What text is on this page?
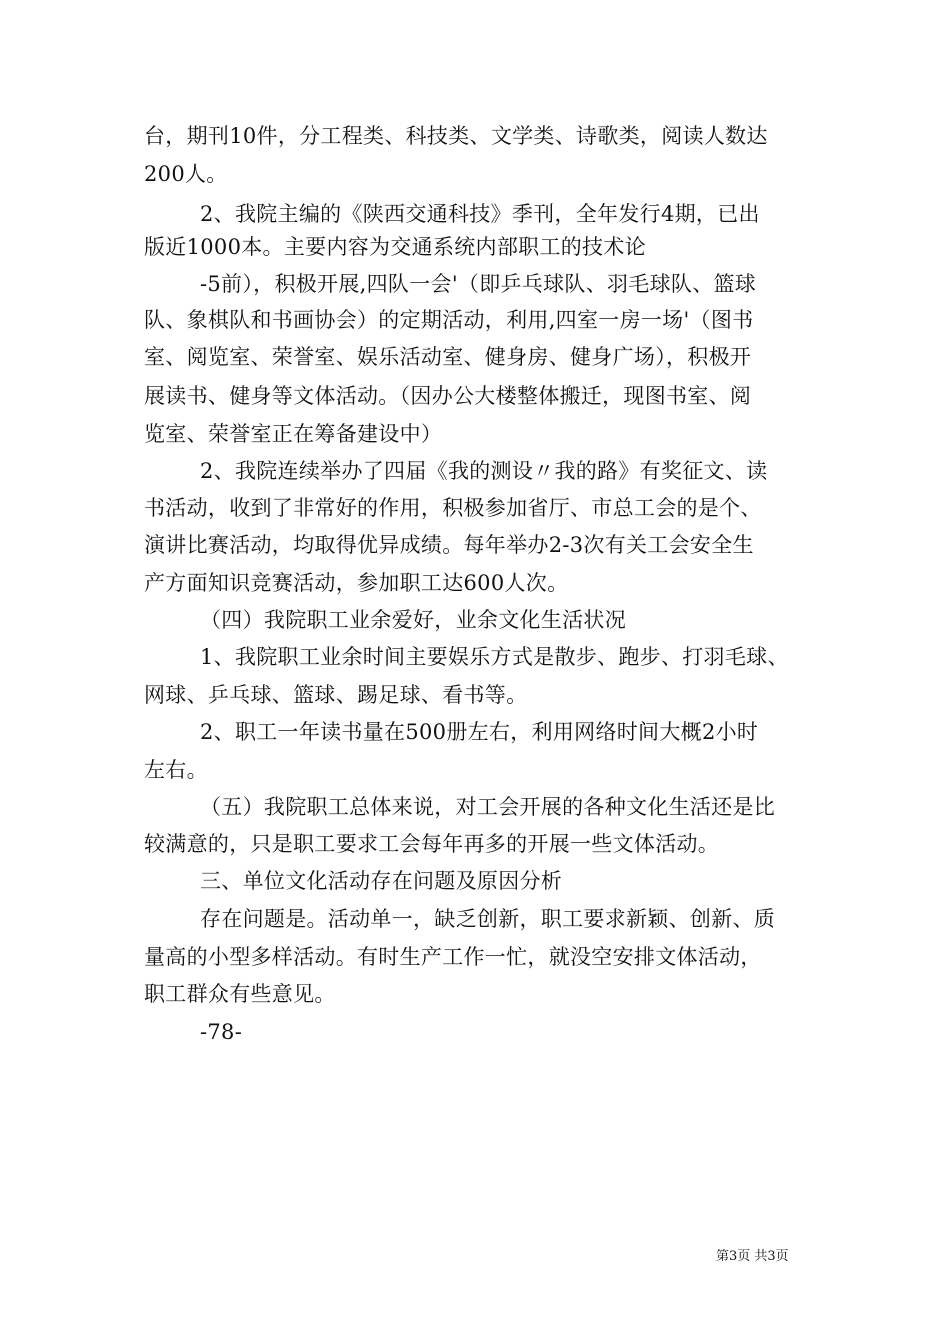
台，期刊10件，分工程类、科技类、文学类、诗歌类，阅读人数达
200人。
2、我院主编的《陕西交通科技》季刊，全年发行4期，已出
版近1000本。主要内容为交通系统内部职工的技术论
-5前），积极开展,四队一会'（即乒乓球队、羽毛球队、篮球
队、象棋队和书画协会）的定期活动，利用,四室一房一场'（图书
室、阅览室、荣誉室、娱乐活动室、健身房、健身广场），积极开
展读书、健身等文体活动。（因办公大楼整体搬迁，现图书室、阅
览室、荣誉室正在筹备建设中）
2、我院连续举办了四届《我的测设〃我的路》有奖征文、读
书活动，收到了非常好的作用，积极参加省厅、市总工会的是个、
演讲比赛活动，均取得优异成绩。每年举办2-3次有关工会安全生
产方面知识竞赛活动，参加职工达600人次。
（四）我院职工业余爱好，业余文化生活状况
1、我院职工业余时间主要娱乐方式是散步、跑步、打羽毛球、
网球、乒乓球、篮球、踢足球、看书等。
2、职工一年读书量在500册左右，利用网络时间大概2小时
左右。
（五）我院职工总体来说，对工会开展的各种文化生活还是比
较满意的，只是职工要求工会每年再多的开展一些文体活动。
三、单位文化活动存在问题及原因分析
存在问题是。活动单一，缺乏创新，职工要求新颖、创新、质
量高的小型多样活动。有时生产工作一忙，就没空安排文体活动，
职工群众有些意见。
-78-
第3页 共3页
